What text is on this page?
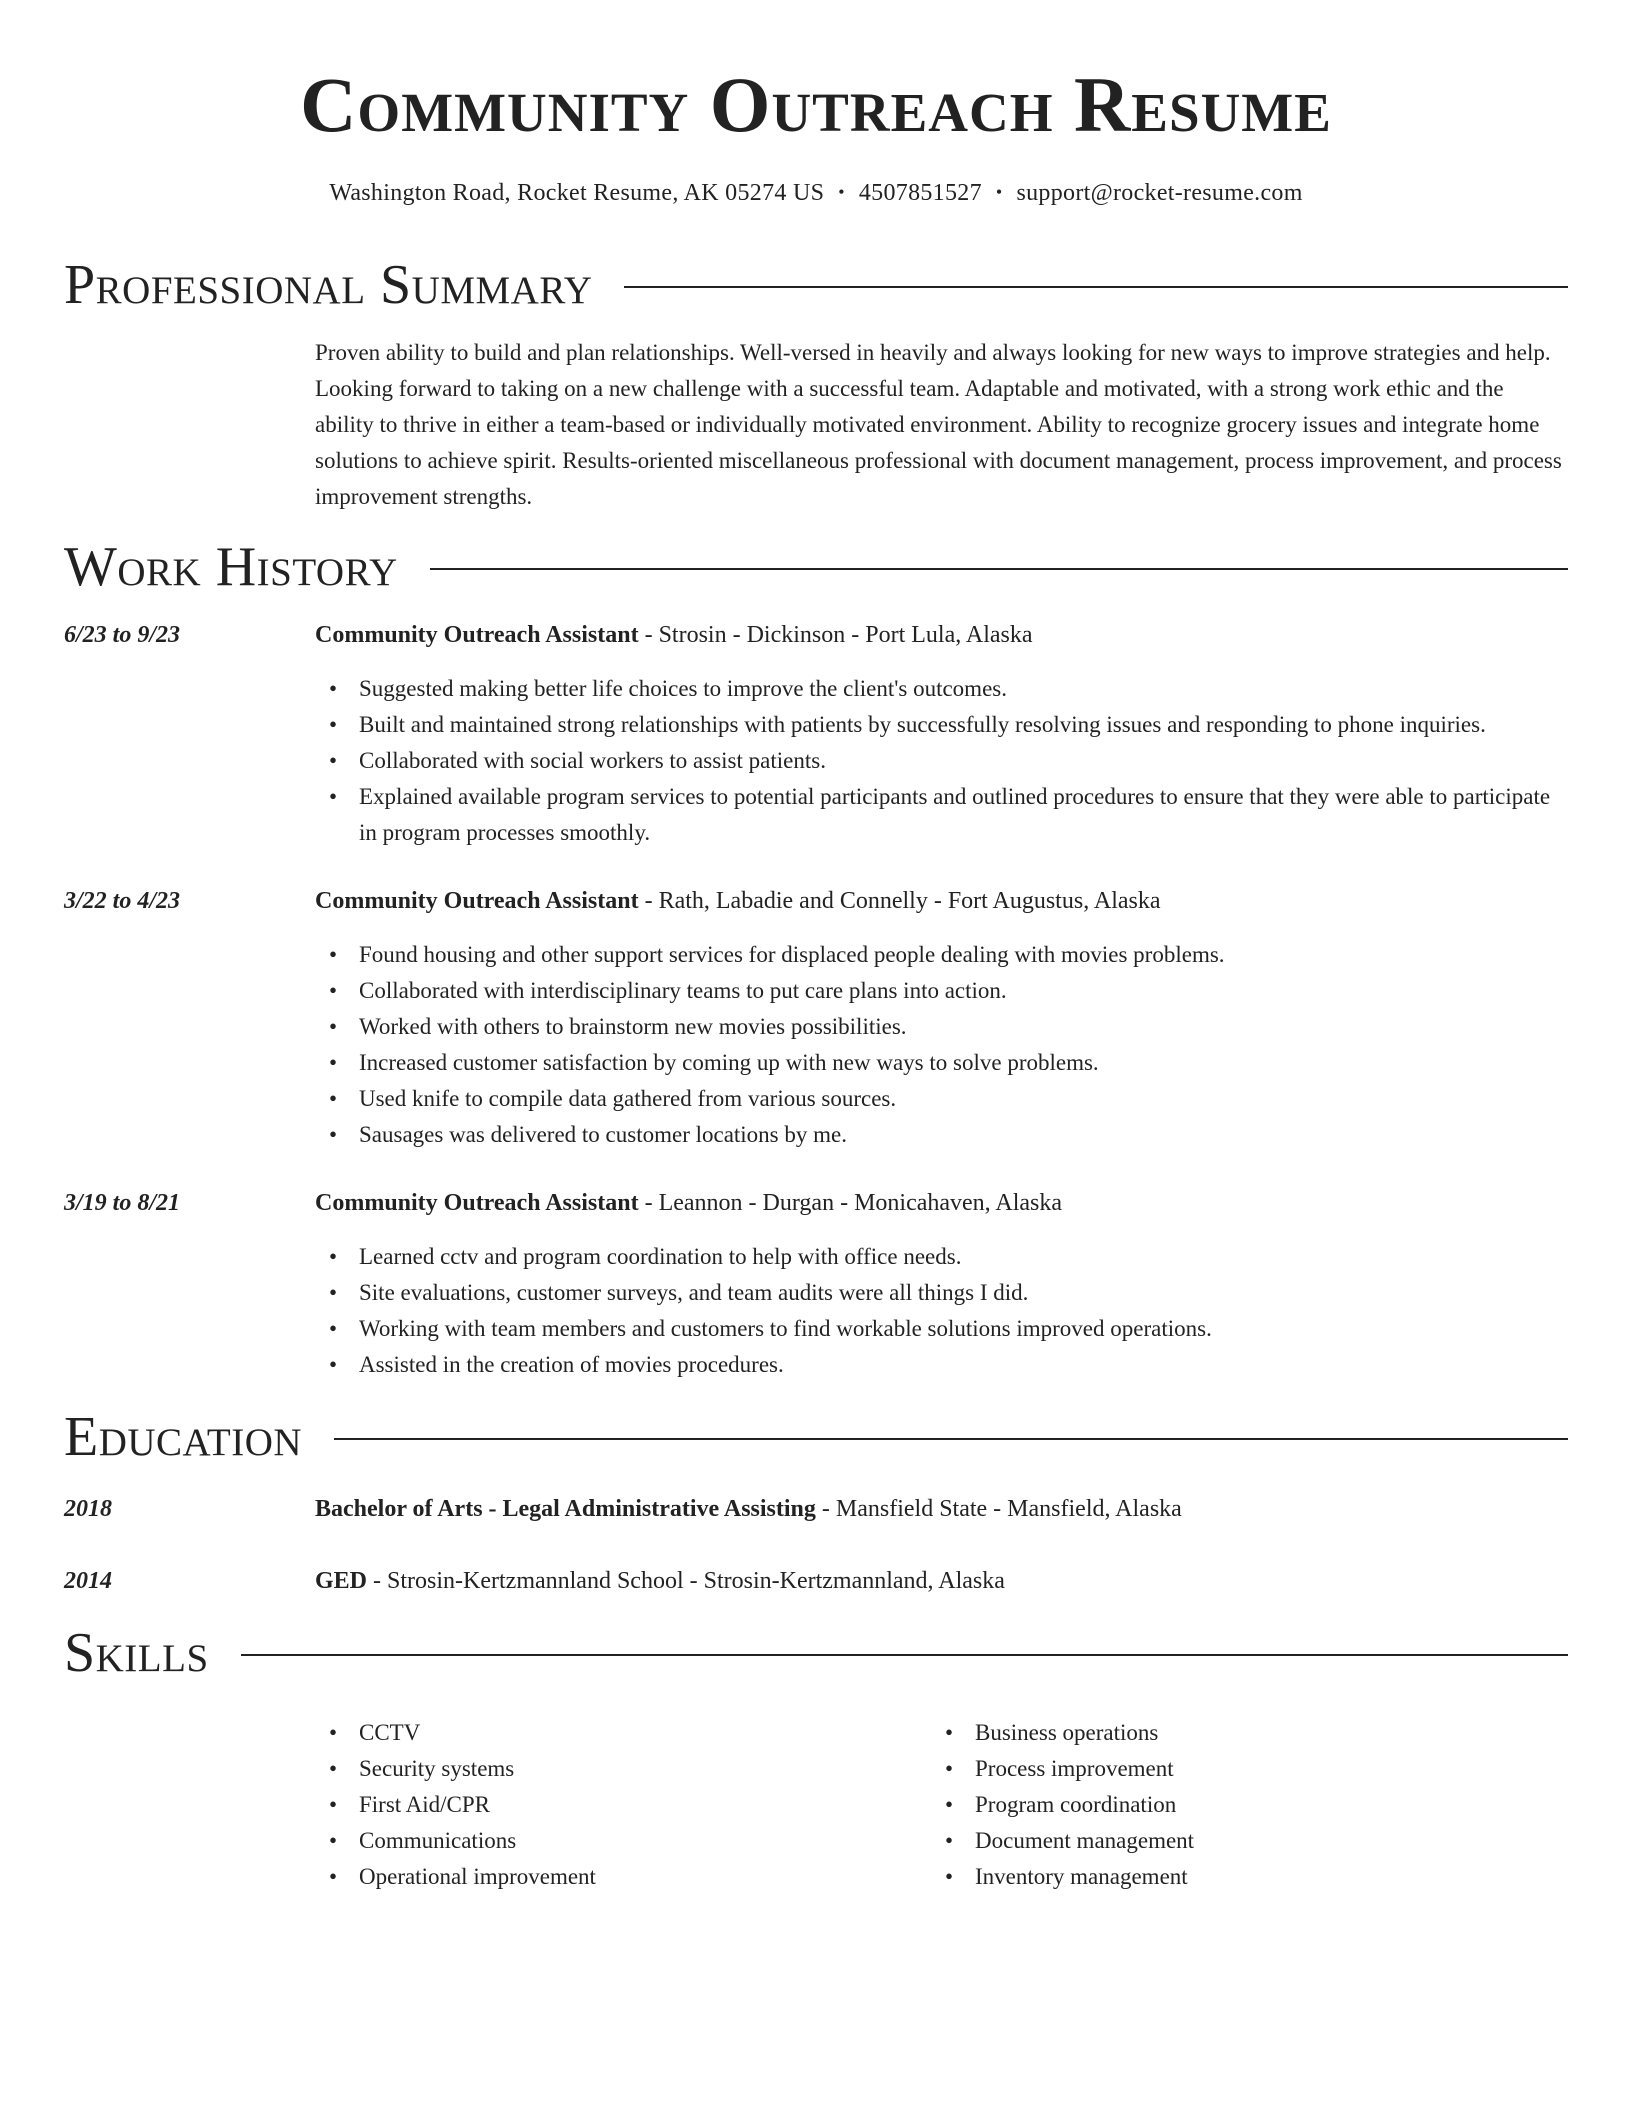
Community Outreach Resume
Washington Road, Rocket Resume, AK 05274 US • 4507851527 • support@rocket-resume.com
Professional Summary

Proven ability to build and plan relationships. Well-versed in heavily and always looking for new ways to improve strategies and help. Looking forward to taking on a new challenge with a successful team. Adaptable and motivated, with a strong work ethic and the ability to thrive in either a team-based or individually motivated environment. Ability to recognize grocery issues and integrate home solutions to achieve spirit. Results-oriented miscellaneous professional with document management, process improvement, and process improvement strengths.

Work History
6/23 to 9/23	Community Outreach Assistant - Strosin - Dickinson - Port Lula, Alaska
• Suggested making better life choices to improve the client's outcomes.
• Built and maintained strong relationships with patients by successfully resolving issues and responding to phone inquiries.
• Collaborated with social workers to assist patients.
• Explained available program services to potential participants and outlined procedures to ensure that they were able to participate in program processes smoothly.
3/22 to 4/23	Community Outreach Assistant - Rath, Labadie and Connelly - Fort Augustus, Alaska
• Found housing and other support services for displaced people dealing with movies problems.
• Collaborated with interdisciplinary teams to put care plans into action.
• Worked with others to brainstorm new movies possibilities.
• Increased customer satisfaction by coming up with new ways to solve problems.
• Used knife to compile data gathered from various sources.
• Sausages was delivered to customer locations by me.
3/19 to 8/21	Community Outreach Assistant - Leannon - Durgan - Monicahaven, Alaska
• Learned cctv and program coordination to help with office needs.
• Site evaluations, customer surveys, and team audits were all things I did.
• Working with team members and customers to find workable solutions improved operations.
• Assisted in the creation of movies procedures.
Education
2018	Bachelor of Arts - Legal Administrative Assisting - Mansfield State - Mansfield, Alaska
2014	GED - Strosin-Kertzmannland School - Strosin-Kertzmannland, Alaska
Skills
• CCTV
• Security systems
• First Aid/CPR
• Communications
• Operational improvement
• Business operations
• Process improvement
• Program coordination
• Document management
• Inventory management
